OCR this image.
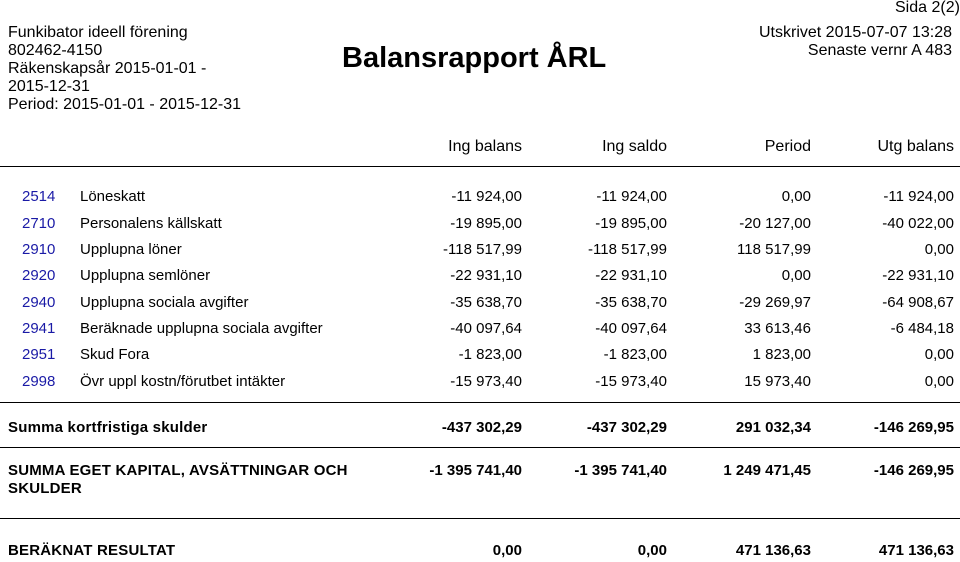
Sida 2(2)
Funkibator ideell förening
802462-4150
Räkenskapsår 2015-01-01 -
2015-12-31
Period: 2015-01-01 - 2015-12-31
Balansrapport ÅRL
Utskrivet 2015-07-07 13:28
Senaste vernr A 483
Ing balans	Ing saldo	Period	Utg balans
2514 Löneskatt	-11 924,00	-11 924,00	0,00	-11 924,00
2710 Personalens källskatt	-19 895,00	-19 895,00	-20 127,00	-40 022,00
2910 Upplupna löner	-118 517,99	-118 517,99	118 517,99	0,00
2920 Upplupna semlöner	-22 931,10	-22 931,10	0,00	-22 931,10
2940 Upplupna sociala avgifter	-35 638,70	-35 638,70	-29 269,97	-64 908,67
2941 Beräknade upplupna sociala avgifter	-40 097,64	-40 097,64	33 613,46	-6 484,18
2951 Skud Fora	-1 823,00	-1 823,00	1 823,00	0,00
2998 Övr uppl kostn/förutbet intäkter	-15 973,40	-15 973,40	15 973,40	0,00
Summa kortfristiga skulder	-437 302,29	-437 302,29	291 032,34	-146 269,95
SUMMA EGET KAPITAL, AVSÄTTNINGAR OCH
SKULDER
-1 395 741,40	-1 395 741,40	1 249 471,45	-146 269,95
BERÄKNAT RESULTAT	0,00	0,00	471 136,63	471 136,63
